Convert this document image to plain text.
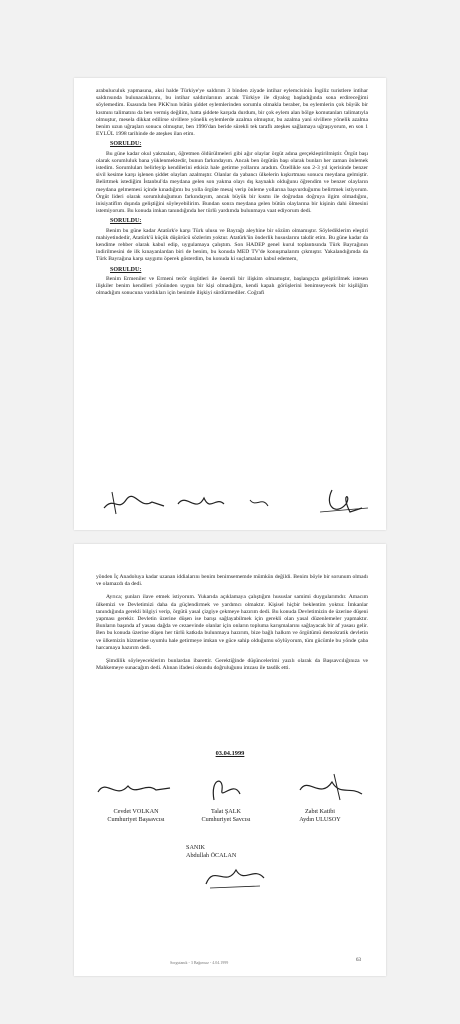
arabuluculuk yapmasına, aksi halde Türkiye'ye saldırım 3 binden ziyade intihar eylemcisinin İngiliz turistlere intihar saldırısında bulunacaklarını, bu intihar saldırılarının ancak Türkiye ile diyalog başladığında sona erdireceğimi söylemedim. Esasında ben PKK'nın bütün şiddet eylemlerinden sorumlu olmakla beraber, bu eylemlerin çok büyük bir kısmını talimatını da ben vermiş değilim, hatta şiddete karşıda durdum, bir çok eylem alan bölge komutanları talimatıyla olmuştur, mesela dikkat edilirse sivillere yönelik eylemlerde azalma olmuştur, bu azalma yani sivillere yönelik azalma benim uzun uğraşları sonucu olmuştur, ben 1996'dan beride sürekli tek taraflı ateşkes sağlamaya uğraşıyorum, en son 1 EYLÜL 1998 tarihinde de ateşkes ilan etim.

SORULDU:

Bu güne kadar okul yakmaları, öğretmen öldürülmeleri gibi ağır olaylar örgüt adına gerçekleştirilmiştir. Örgüt başı olarak sorumluluk bana yüklenmektedir, bunun farkındayım. Ancak ben örgütün başı olarak bunları her zaman önlemek istedim. Sorumluları belirleyip kendilerini etkisiz hale getirme yollarını aradım. Özellikle son 2-3 yıl içerisinde benzer sivil kesime karşı işlenen şiddet olayları azalmıştır. Olanlar da yabancı ülkelerin kışkırtması sonucu meydana gelmiştir. Belirtmek istediğim İstanbul'da meydana gelen son yakma olayı dış kaynaklı olduğunu öğrendim ve benzer olayların meydana gelmemesi içinde kınadığımı bu yolla örgüte mesaj verip önleme yollarına başvurduğumu belirtmek istiyorum. Örgüt lideri olarak sorumluluğumun farkındayım, ancak büyük bir kısmı ile doğrudan doğruya ilgim olmadığını, inisiyatifim dışında geliştiğini söyleyebilirim. Bundan sonra meydana gelen bütün olaylarına bir kişinin dahi ölmesini istemiyorum. Bu konuda imkan tanındığında her türlü yardımda bulunmaya vaat ediyorum dedi.

SORULDU:

Benim bu güne kadar Atatürk'e karşı Türk ulusu ve Bayrağı aleyhine bir sözüm olmamıştır. Söylediklerim eleştiri mahiyetindedir, Atatürk'ü küçük düşürücü sözlerim yoktur. Atatürk'ün önderlik hususlarını takdir etim. Bu güne kadar da kendime rehber olarak kabul edip, uygulamaya çalıştım. Son HADEP genel kurul toplantısında Türk Bayrağının indirilmesini de ilk kınayanlardan biri de benim, bu konuda MED TV'de konuşmalarım çıkmıştır. Yakalandığımda da Türk Bayrağına karşı saygımı öperek gösterdim, bu konuda ki suçlamaları kabul edemem,

SORULDU:

Benim Ermeniler ve Ermeni terör örgütleri ile önemli bir ilişkim olmamıştır, başlangıçta geliştirilmek istesen ilişkiler benim kendileri yönünden uygun bir kişi olmadığım, kendi kapalı görüşlerini benimseyecek bir kişiliğim olmadığım sonucuna vardıkları için benimle ilişkiyi sürdürmediler. Coğrafi

yönden İç Anadoluya kadar uzanan iddialarını benim benimsememde mümkün değildi. Benim böyle bir sorunum olmadı ve olamazdı da dedi.

Ayrıca; şunları ilave etmek istiyorum. Yukarıda açıklamaya çalıştığım hususlar samimi duygularımdır. Amacım ülkemizi ve Devletimizi daha da güçlendirmek ve yardımcı olmaktır. Kişisel hiçbir beklentim yoktur. İmkanlar tanındığında gerekli bilgiyi verip, örgütü yasal çizgiye çekmeye hazırım dedi. Bu konuda Devletimizin de üzerine düşeni yapması gerekir. Devletin üzerine düşen ise barışı sağlayabilmek için gerekli olan yasal düzenlemeler yapmaktır. Bunların başında af yasası dağda ve cezaevinde olanlar için onların topluma karışmalarını sağlayacak bir af yasası gelir. Ben bu konuda üzerine düşen her türlü katkıda bulunmaya hazırım, bize bağlı halkım ve örgütümü demokratik devletin ve ülkemizin hizmetine uyumlu hale getirmeye imkan ve güce sahip olduğumu söylüyorum, tüm gücümle bu yönde çaba harcamaya hazırım dedi.

Şimdilik söyleyeceklerim bunlardan ibarettir. Gerektiğinde düşüncelerimi yazılı olarak da Başsavcılığınıza ve Mahkemeye sunacağım dedi. Alınan ifadesi okundu doğruluğunu imzası ile tasdik etti.

03.04.1999
Cevdet VOLKAN
Cumhuriyet Başsavcısı
Talat ŞALK
Cumhuriyet Savcısı
Zabıt Katibi
Aydın ULUSOY
SANIK
Abdullah ÖCALAN
Sorgutanık - 3 Bağımsız - 4.04.1999	63
